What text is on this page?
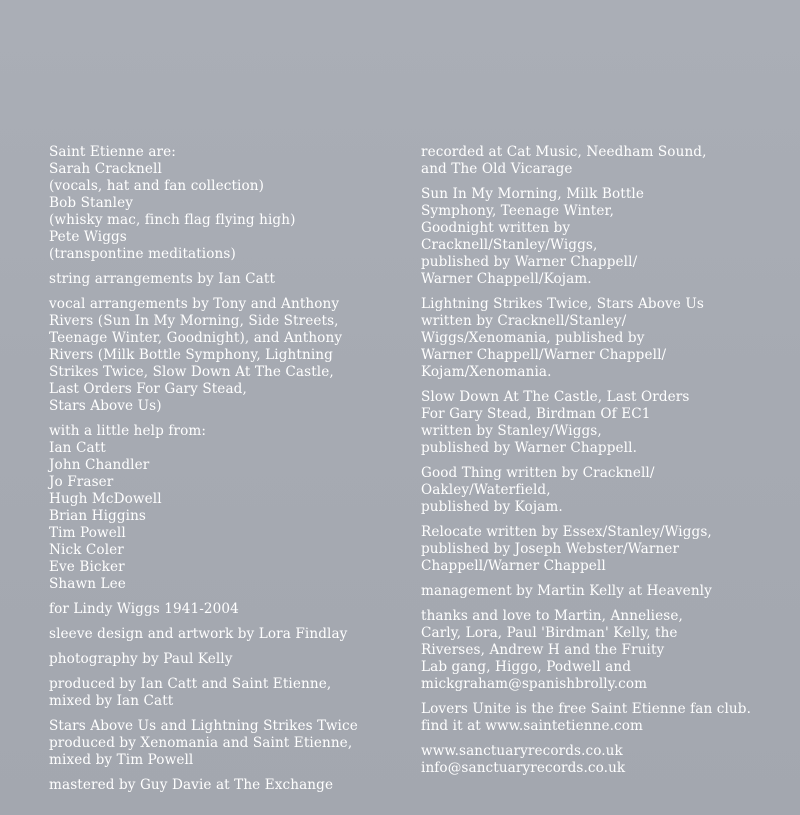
Saint Etienne are:
Sarah Cracknell
(vocals, hat and fan collection)
Bob Stanley
(whisky mac, finch flag flying high)
Pete Wiggs
(transpontine meditations)
string arrangements by Ian Catt
vocal arrangements by Tony and Anthony
Rivers (Sun In My Morning, Side Streets,
Teenage Winter, Goodnight), and Anthony
Rivers (Milk Bottle Symphony, Lightning
Strikes Twice, Slow Down At The Castle,
Last Orders For Gary Stead,
Stars Above Us)
with a little help from:
Ian Catt
John Chandler
Jo Fraser
Hugh McDowell
Brian Higgins
Tim Powell
Nick Coler
Eve Bicker
Shawn Lee
for Lindy Wiggs 1941-2004
sleeve design and artwork by Lora Findlay
photography by Paul Kelly
produced by Ian Catt and Saint Etienne,
mixed by Ian Catt
Stars Above Us and Lightning Strikes Twice
produced by Xenomania and Saint Etienne,
mixed by Tim Powell
mastered by Guy Davie at The Exchange
recorded at Cat Music, Needham Sound,
and The Old Vicarage
Sun In My Morning, Milk Bottle
Symphony, Teenage Winter,
Goodnight written by
Cracknell/Stanley/Wiggs,
published by Warner Chappell/
Warner Chappell/Kojam.
Lightning Strikes Twice, Stars Above Us
written by Cracknell/Stanley/
Wiggs/Xenomania, published by
Warner Chappell/Warner Chappell/
Kojam/Xenomania.
Slow Down At The Castle, Last Orders
For Gary Stead, Birdman Of EC1
written by Stanley/Wiggs,
published by Warner Chappell.
Good Thing written by Cracknell/
Oakley/Waterfield,
published by Kojam.
Relocate written by Essex/Stanley/Wiggs,
published by Joseph Webster/Warner
Chappell/Warner Chappell
management by Martin Kelly at Heavenly
thanks and love to Martin, Anneliese,
Carly, Lora, Paul 'Birdman' Kelly, the
Riverses, Andrew H and the Fruity
Lab gang, Higgo, Podwell and
mickgraham@spanishbrolly.com
Lovers Unite is the free Saint Etienne fan club.
find it at www.saintetienne.com
www.sanctuaryrecords.co.uk
info@sanctuaryrecords.co.uk
